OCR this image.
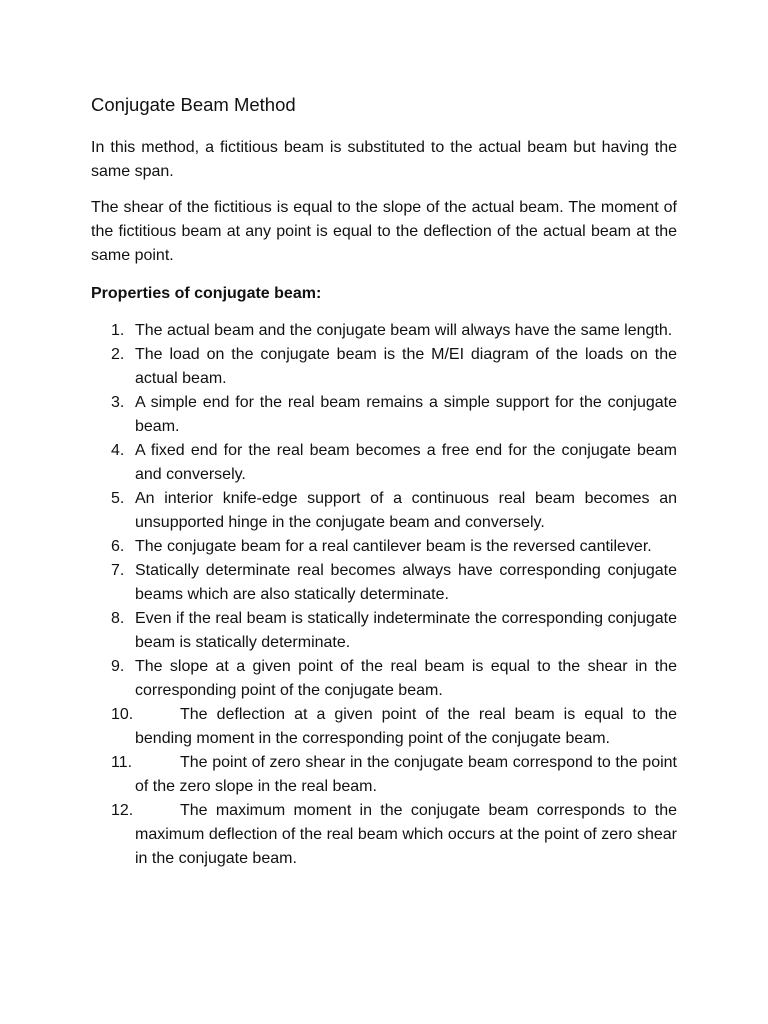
Conjugate Beam Method

In this method, a fictitious beam is substituted to the actual beam but having the same span.

The shear of the fictitious is equal to the slope of the actual beam. The moment of the fictitious beam at any point is equal to the deflection of the actual beam at the same point.

Properties of conjugate beam:
1. The actual beam and the conjugate beam will always have the same length.
2. The load on the conjugate beam is the M/EI diagram of the loads on the actual beam.
3. A simple end for the real beam remains a simple support for the conjugate beam.
4. A fixed end for the real beam becomes a free end for the conjugate beam and conversely.
5. An interior knife-edge support of a continuous real beam becomes an unsupported hinge in the conjugate beam and conversely.
6. The conjugate beam for a real cantilever beam is the reversed cantilever.
7. Statically determinate real becomes always have corresponding conjugate beams which are also statically determinate.
8. Even if the real beam is statically indeterminate the corresponding conjugate beam is statically determinate.
9. The slope at a given point of the real beam is equal to the shear in the corresponding point of the conjugate beam.
10.	The deflection at a given point of the real beam is equal to the bending moment in the corresponding point of the conjugate beam.
11.	The point of zero shear in the conjugate beam correspond to the point of the zero slope in the real beam.
12.	The maximum moment in the conjugate beam corresponds to the maximum deflection of the real beam which occurs at the point of zero shear in the conjugate beam.
